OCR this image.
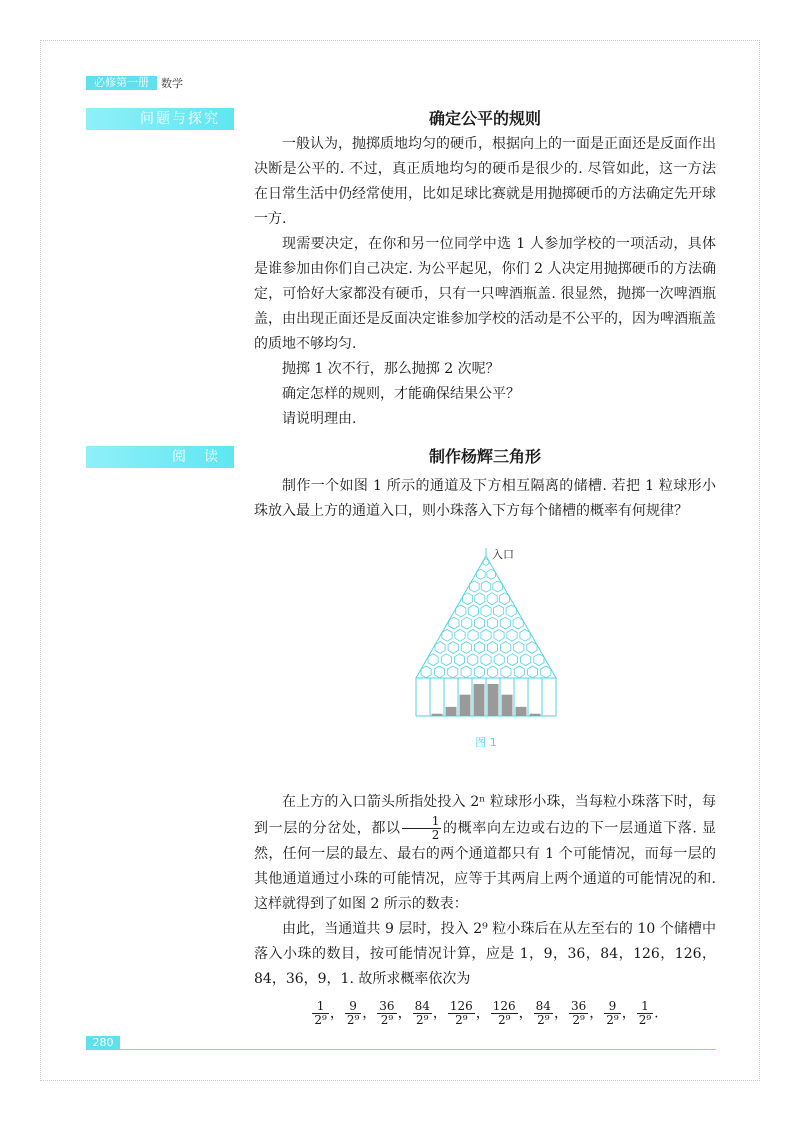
必修第一册	数学
问题与探究	确定公平的规则

一般认为，抛掷质地均匀的硬币，根据向上的一面是正面还是反面作出决断是公平的. 不过，真正质地均匀的硬币是很少的. 尽管如此，这一方法在日常生活中仍经常使用，比如足球比赛就是用抛掷硬币的方法确定先开球一方.

现需要决定，在你和另一位同学中选 1 人参加学校的一项活动，具体是谁参加由你们自己决定. 为公平起见，你们 2 人决定用抛掷硬币的方法确定，可恰好大家都没有硬币，只有一只啤酒瓶盖. 很显然，抛掷一次啤酒瓶盖，由出现正面还是反面决定谁参加学校的活动是不公平的，因为啤酒瓶盖的质地不够均匀.

抛掷 1 次不行，那么抛掷 2 次呢？

确定怎样的规则，才能确保结果公平？

请说明理由.

阅　读	制作杨辉三角形

制作一个如图 1 所示的通道及下方相互隔离的储槽. 若把 1 粒球形小珠放入最上方的通道入口，则小珠落入下方每个储槽的概率有何规律？

入口
图 1

在上方的入口箭头所指处投入 2ⁿ 粒球形小珠，当每粒小珠落下时，每到一层的分岔处，都以 $\frac{1}{2}$ 的概率向左边或右边的下一层通道下落. 显然，任何一层的最左、最右的两个通道都只有 1 个可能情况，而每一层的其他通道通过小珠的可能情况，应等于其两肩上两个通道的可能情况的和. 这样就得到了如图 2 所示的数表：

由此，当通道共 9 层时，投入 2⁹ 粒小珠后在从左至右的 10 个储槽中落入小珠的数目，按可能情况计算，应是 1，9，36，84，126，126，84，36，9，1. 故所求概率依次为

$\frac{1}{\text{2⁹}}$ ， $\frac{9}{\text{2⁹}}$ ， $\frac{36}{\text{2⁹}}$ ， $\frac{84}{\text{2⁹}}$ ， $\frac{126}{\text{2⁹}}$ ， $\frac{126}{\text{2⁹}}$ ， $\frac{84}{\text{2⁹}}$ ， $\frac{36}{\text{2⁹}}$ ， $\frac{9}{\text{2⁹}}$ ， $\frac{1}{\text{2⁹}}$ .
280
